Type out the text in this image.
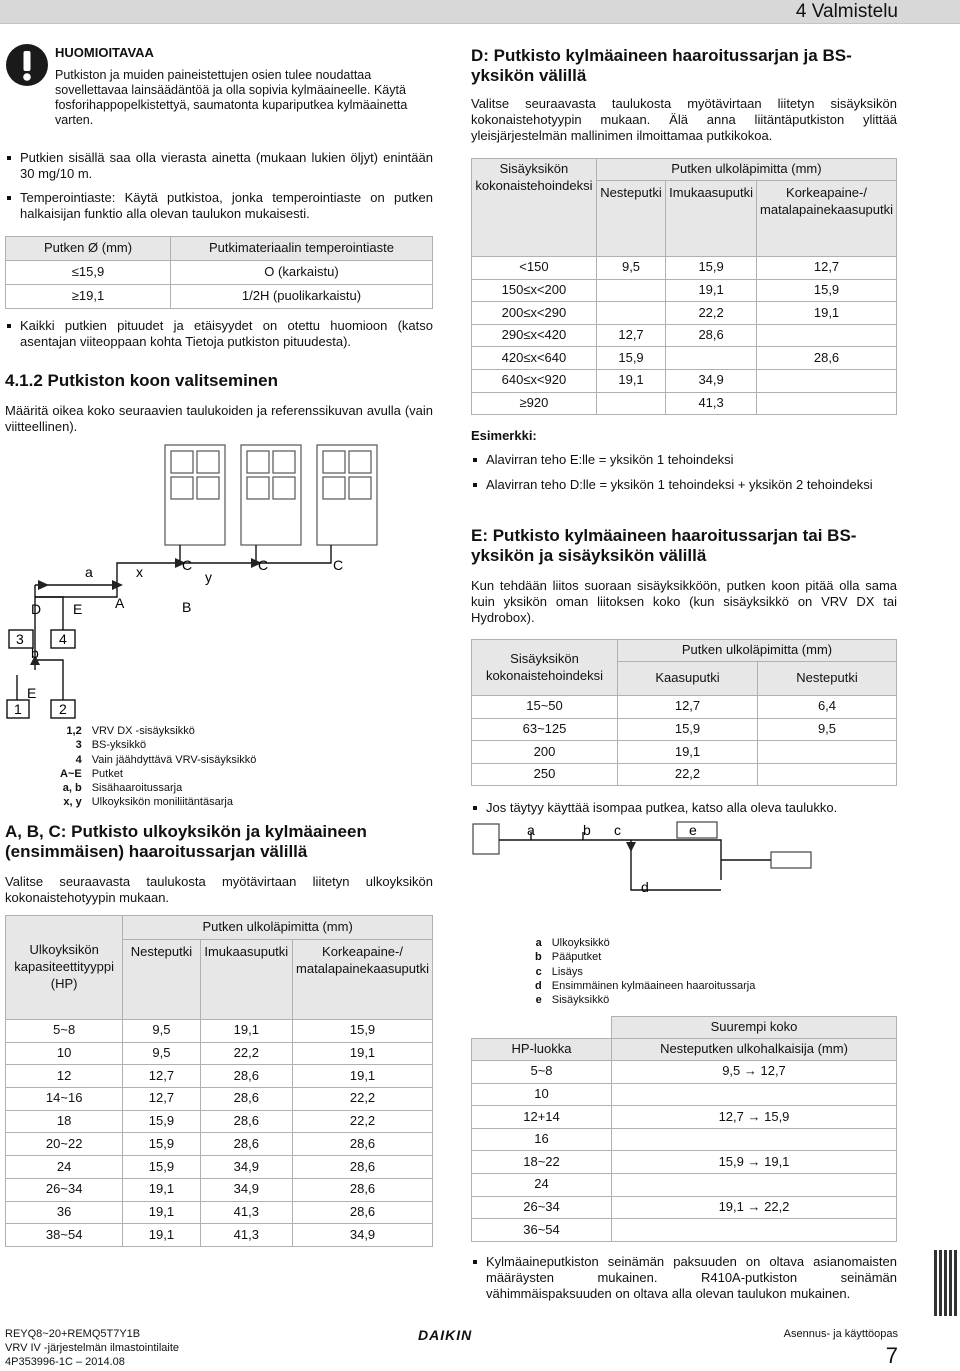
4 Valmistelu
HUOMIOITAVAA
Putkiston ja muiden paineistettujen osien tulee noudattaa sovellettavaa lainsäädäntöä ja olla sopivia kylmäaineelle. Käytä fosforihappopelkistettyä, saumatonta kupariputkea kylmäainetta varten.
Putkien sisällä saa olla vierasta ainetta (mukaan lukien öljyt) enintään 30 mg/10 m.
Temperointiaste: Käytä putkistoa, jonka temperointiaste on putken halkaisijan funktio alla olevan taulukon mukaisesti.
Putken Ø (mm)	Putkimateriaalin temperointiaste
≤15,9	O (karkaistu)
≥19,1	1/2H (puolikarkaistu)
Kaikki putkien pituudet ja etäisyydet on otettu huomioon (katso asentajan viiteoppaan kohta Tietoja putkiston pituudesta).
4.1.2 Putkiston koon valitseminen
Määritä oikea koko seuraavien taulukoiden ja referenssikuvan avulla (vain viitteellinen).
a	x	y
C	C	C
A	B
D E
E
3	4
b
1	2
1,2	VRV DX -sisäyksikkö
3	BS-yksikkö
4	Vain jäähdyttävä VRV-sisäyksikkö
A~E	Putket
a, b	Sisähaaroitussarja
x, y	Ulkoyksikön moniliitäntäsarja
A, B, C: Putkisto ulkoyksikön ja kylmäaineen (ensimmäisen) haaroitussarjan välillä
Valitse seuraavasta taulukosta myötävirtaan liitetyn ulkoyksikön kokonaistehotyypin mukaan.
Ulkoyksikön kapasiteettityyppi (HP)	Putken ulkoläpimitta (mm)		
	Nesteputki	Imukaasuputki	Korkeapaine-/ matalapainekaasuputki
5~8	9,5	19,1	15,9
10	9,5	22,2	19,1
12	12,7	28,6	19,1
14~16	12,7	28,6	22,2
18	15,9	28,6	22,2
20~22	15,9	28,6	28,6
24	15,9	34,9	28,6
26~34	19,1	34,9	28,6
36	19,1	41,3	28,6
38~54	19,1	41,3	34,9
D: Putkisto kylmäaineen haaroitussarjan ja BS-yksikön välillä
Valitse seuraavasta taulukosta myötävirtaan liitetyn sisäyksikön kokonaistehotyypin mukaan. Älä anna liitäntäputkiston ylittää yleisjärjestelmän mallinimen ilmoittamaa putkikokoa.
Sisäyksikön kokonaistehoindeksi	Putken ulkoläpimitta (mm)		
	Nesteputki	Imukaasuputki	Korkeapaine-/ matalapainekaasuputki
<150	9,5	15,9	12,7
150≤x<200		19,1	15,9
200≤x<290		22,2	19,1
290≤x<420	12,7	28,6	
420≤x<640	15,9		28,6
640≤x<920	19,1	34,9	
≥920		41,3	
Esimerkki:
Alavirran teho E:lle = yksikön 1 tehoindeksi
Alavirran teho D:lle = yksikön 1 tehoindeksi + yksikön 2 tehoindeksi
E: Putkisto kylmäaineen haaroitussarjan tai BS-yksikön ja sisäyksikön välillä
Kun tehdään liitos suoraan sisäyksikköön, putken koon pitää olla sama kuin yksikön oman liitoksen koko (kun sisäyksikkö on VRV DX tai Hydrobox).
Sisäyksikön kokonaistehoindeksi	Putken ulkoläpimitta (mm)	
	Kaasuputki	Nesteputki
15~50	12,7	6,4
63~125	15,9	9,5
200	19,1	
250	22,2	
Jos täytyy käyttää isompaa putkea, katso alla oleva taulukko.
a	b c	e
d
a	Ulkoyksikkö
b	Pääputket
c	Lisäys
d	Ensimmäinen kylmäaineen haaroitussarja
e	Sisäyksikkö
	Suurempi koko
HP-luokka	Nesteputken ulkohalkaisija (mm)
5~8	9,5 → 12,7
10	
12+14	12,7 → 15,9
16	
18~22	15,9 → 19,1
24	
26~34	19,1 → 22,2
36~54	
Kylmäaineputkiston seinämän paksuuden on oltava asianomaisten määräysten mukainen. R410A-putkiston seinämän vähimmäispaksuuden on oltava alla olevan taulukon mukainen.
REYQ8~20+REMQ5T7Y1B
VRV IV -järjestelmän ilmastointilaite
4P353996-1C – 2014.08
DAIKIN	Asennus- ja käyttöopas
7
